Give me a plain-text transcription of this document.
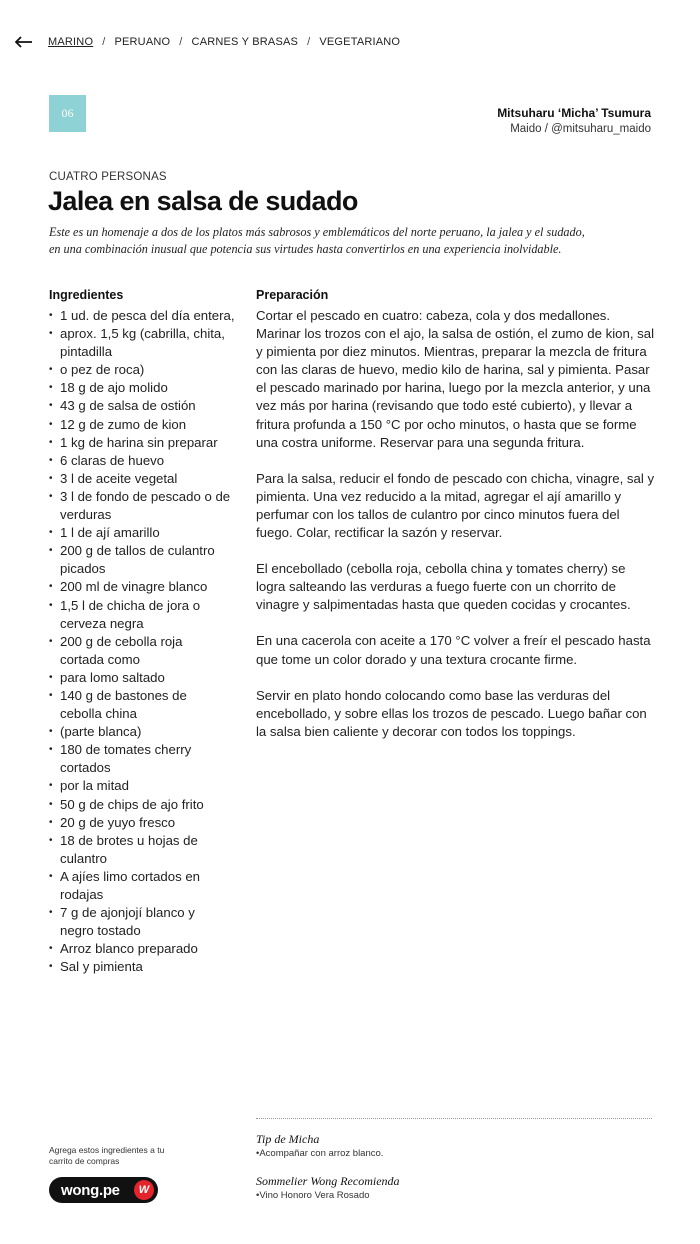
MARINO / PERUANO / CARNES Y BRASAS / VEGETARIANO
06	Mitsuharu ‘Micha’ Tsumura
Maido / @mitsuharu_maido
CUATRO PERSONAS
Jalea en salsa de sudado
Este es un homenaje a dos de los platos más sabrosos y emblemáticos del norte peruano, la jalea y el sudado,
en una combinación inusual que potencia sus virtudes hasta convertirlos en una experiencia inolvidable.
Ingredientes
• 1 ud. de pesca del día entera,
• aprox. 1,5 kg (cabrilla, chita,
pintadilla
• o pez de roca)
• 18 g de ajo molido
• 43 g de salsa de ostión
• 12 g de zumo de kion
• 1 kg de harina sin preparar
• 6 claras de huevo
• 3 l de aceite vegetal
• 3 l de fondo de pescado o de
verduras
• 1 l de ají amarillo
• 200 g de tallos de culantro
picados
• 200 ml de vinagre blanco
• 1,5 l de chicha de jora o
cerveza negra
• 200 g de cebolla roja
cortada como
• para lomo saltado
• 140 g de bastones de
cebolla china
• (parte blanca)
• 180 de tomates cherry
cortados
• por la mitad
• 50 g de chips de ajo frito
• 20 g de yuyo fresco
• 18 de brotes u hojas de
culantro
• A ajíes limo cortados en
rodajas
• 7 g de ajonjojí blanco y
negro tostado
• Arroz blanco preparado
• Sal y pimienta
Preparación

Cortar el pescado en cuatro: cabeza, cola y dos medallones. Marinar los trozos con el ajo, la salsa de ostión, el zumo de kion, sal y pimienta por diez minutos. Mientras, preparar la mezcla de fritura con las claras de huevo, medio kilo de harina, sal y pimienta. Pasar el pescado marinado por harina, luego por la mezcla anterior, y una vez más por harina (revisando que todo esté cubierto), y llevar a fritura profunda a 150 °C por ocho minutos, o hasta que se forme una costra uniforme. Reservar para una segunda fritura.

Para la salsa, reducir el fondo de pescado con chicha, vinagre, sal y pimienta. Una vez reducido a la mitad, agregar el ají amarillo y perfumar con los tallos de culantro por cinco minutos fuera del fuego. Colar, rectificar la sazón y reservar.

El encebollado (cebolla roja, cebolla china y tomates cherry) se logra salteando las verduras a fuego fuerte con un chorrito de vinagre y salpimentadas hasta que queden cocidas y crocantes.

En una cacerola con aceite a 170 °C volver a freír el pescado hasta que tome un color dorado y una textura crocante firme.

Servir en plato hondo colocando como base las verduras del encebollado, y sobre ellas los trozos de pescado. Luego bañar con la salsa bien caliente y decorar con todos los toppings.

Agrega estos ingredientes a tu carrito de compras
wong.pe	W
Tip de Micha
•Acompañar con arroz blanco.
Sommelier Wong Recomienda
•Vino Honoro Vera Rosado
